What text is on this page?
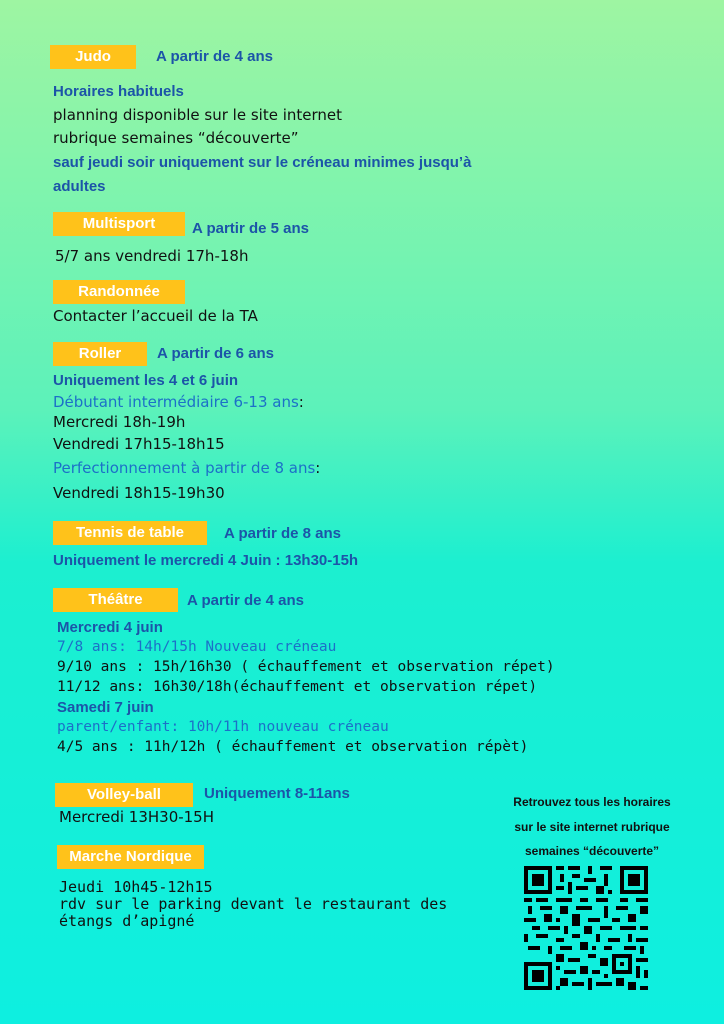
Judo	A partir de 4 ans
Horaires habituels
planning disponible sur le site internet
rubrique semaines “découverte”
sauf jeudi soir uniquement sur le créneau minimes jusqu’à
adultes
Multisport	A partir de 5 ans
5/7 ans vendredi 17h-18h
Randonnée
Contacter l’accueil de la TA
Roller	A partir de 6 ans
Uniquement les 4 et 6 juin
Débutant intermédiaire 6-13 ans:
Mercredi 18h-19h
Vendredi 17h15-18h15
Perfectionnement à partir de 8 ans:
Vendredi 18h15-19h30
Tennis de table	A partir de 8 ans
Uniquement le mercredi 4 Juin : 13h30-15h
Théâtre	A partir de 4 ans
Mercredi 4 juin
7/8 ans: 14h/15h Nouveau créneau
9/10 ans : 15h/16h30 ( échauffement et observation répet)
11/12 ans: 16h30/18h(échauffement et observation répet)
Samedi 7 juin
parent/enfant: 10h/11h nouveau créneau
4/5 ans : 11h/12h ( échauffement et observation répèt)
Volley-ball	Uniquement 8-11ans
Mercredi 13H30-15H
Marche Nordique
Jeudi 10h45-12h15
rdv sur le parking devant le restaurant des
étangs d’apigné
Retrouvez tous les horaires
sur le site internet rubrique
semaines “découverte”
